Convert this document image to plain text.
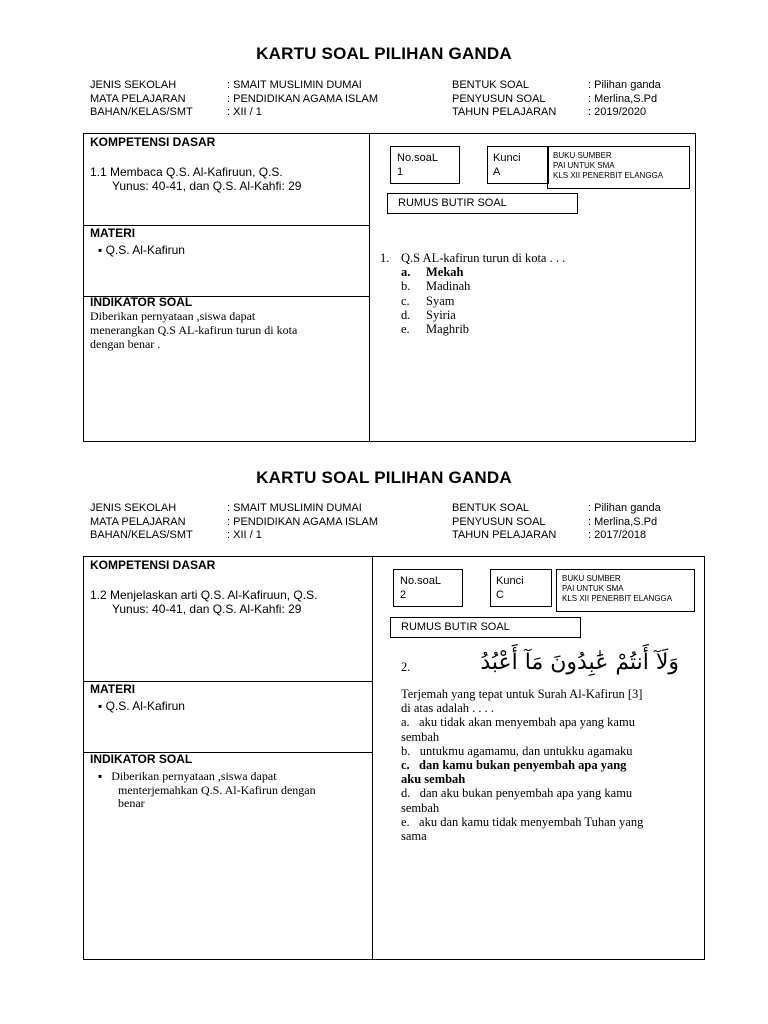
KARTU SOAL PILIHAN GANDA
JENIS SEKOLAH	: SMAIT MUSLIMIN DUMAI
MATA PELAJARAN	: PENDIDIKAN AGAMA ISLAM
BAHAN/KELAS/SMT	: XII / 1
BENTUK SOAL	: Pilihan ganda
PENYUSUN SOAL	: Merlina,S.Pd
TAHUN PELAJARAN	: 2019/2020
KOMPETENSI DASAR
1.1 Membaca Q.S. Al-Kafiruun, Q.S.
Yunus: 40-41, dan Q.S. Al-Kahfi: 29
MATERI
▪ Q.S. Al-Kafirun
INDIKATOR SOAL
Diberikan pernyataan ,siswa dapat
menerangkan Q.S AL-kafirun turun di kota
dengan benar .
No.soaL
1
Kunci
A
BUKU SUMBER
PAI UNTUK SMA
KLS XII PENERBIT ELANGGA
RUMUS BUTIR SOAL
1. Q.S AL-kafirun turun di kota . . .
a. Mekah
b. Madinah
c. Syam
d. Syiria
e. Maghrib
KARTU SOAL PILIHAN GANDA
JENIS SEKOLAH	: SMAIT MUSLIMIN DUMAI
MATA PELAJARAN	: PENDIDIKAN AGAMA ISLAM
BAHAN/KELAS/SMT	: XII / 1
BENTUK SOAL	: Pilihan ganda
PENYUSUN SOAL	: Merlina,S.Pd
TAHUN PELAJARAN	: 2017/2018
KOMPETENSI DASAR
1.2 Menjelaskan arti Q.S. Al-Kafiruun, Q.S.
Yunus: 40-41, dan Q.S. Al-Kahfi: 29
MATERI
▪ Q.S. Al-Kafirun
INDIKATOR SOAL
▪   Diberikan pernyataan ,siswa dapat
menterjemahkan Q.S. Al-Kafirun dengan
benar
No.soaL
2
Kunci
C
BUKU SUMBER
PAI UNTUK SMA
KLS XII PENERBIT ELANGGA
RUMUS BUTIR SOAL
2.	وَلَآ أَنتُمْ عَٰبِدُونَ مَآ أَعْبُدُ
Terjemah yang tepat untuk Surah Al-Kafirun [3]
di atas adalah . . . .
a.   aku tidak akan menyembah apa yang kamu
sembah
b.   untukmu agamamu, dan untukku agamaku
c.   dan kamu bukan penyembah apa yang
aku sembah
d.   dan aku bukan penyembah apa yang kamu
sembah
e.   aku dan kamu tidak menyembah Tuhan yang
sama
